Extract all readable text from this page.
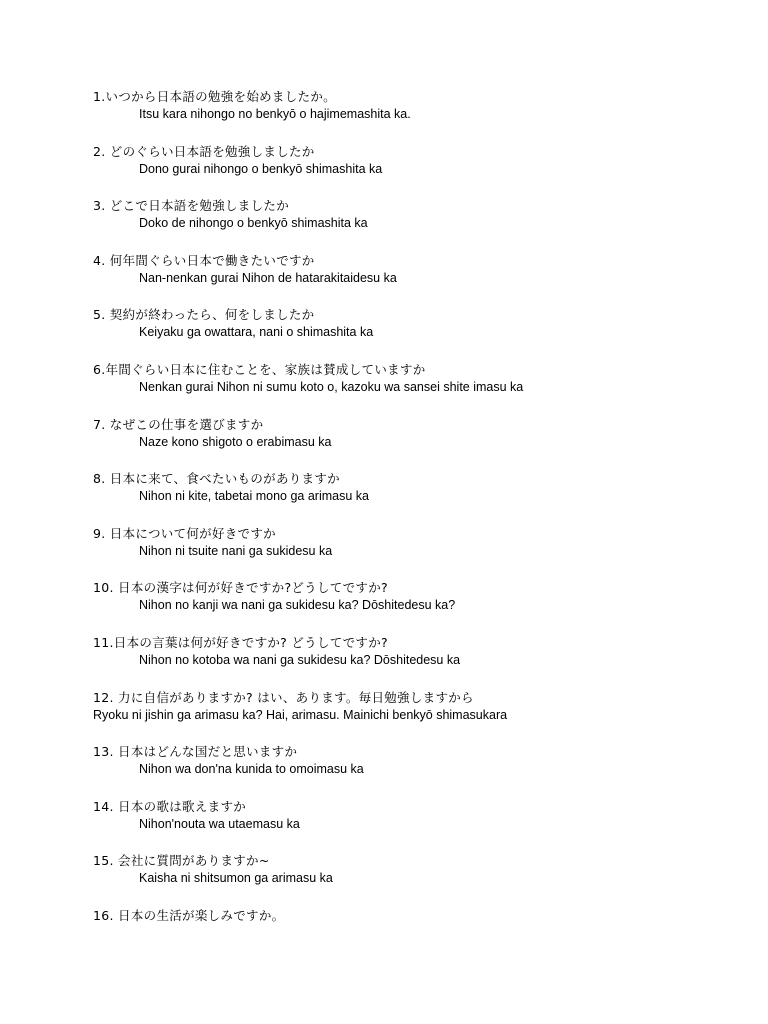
1.いつから日本語の勉強を始めましたか。
Itsu kara nihongo no benkyō o hajimemashita ka.
2. どのぐらい日本語を勉強しましたか
Dono gurai nihongo o benkyō shimashita ka
3. どこで日本語を勉強しましたか
Doko de nihongo o benkyō shimashita ka
4. 何年間ぐらい日本で働きたいですか
Nan-nenkan gurai Nihon de hatarakitaidesu ka
5. 契約が終わったら、何をしましたか
Keiyaku ga owattara, nani o shimashita ka
6.年間ぐらい日本に住むことを、家族は賛成していますか
Nenkan gurai Nihon ni sumu koto o, kazoku wa sansei shite imasu ka
7. なぜこの仕事を選びますか
Naze kono shigoto o erabimasu ka
8. 日本に来て、食べたいものがありますか
Nihon ni kite, tabetai mono ga arimasu ka
9. 日本について何が好きですか
Nihon ni tsuite nani ga sukidesu ka
10. 日本の漢字は何が好きですか?どうしてですか?
Nihon no kanji wa nani ga sukidesu ka? Dōshitedesu ka?
11.日本の言葉は何が好きですか? どうしてですか?
Nihon no kotoba wa nani ga sukidesu ka? Dōshitedesu ka
12. 力に自信がありますか? はい、あります。毎日勉強しますから
Ryoku ni jishin ga arimasu ka? Hai, arimasu. Mainichi benkyō shimasukara
13. 日本はどんな国だと思いますか
Nihon wa don'na kunida to omoimasu ka
14. 日本の歌は歌えますか
Nihon'nouta wa utaemasu ka
15. 会社に質問がありますか~
Kaisha ni shitsumon ga arimasu ka
16. 日本の生活が楽しみですか。
